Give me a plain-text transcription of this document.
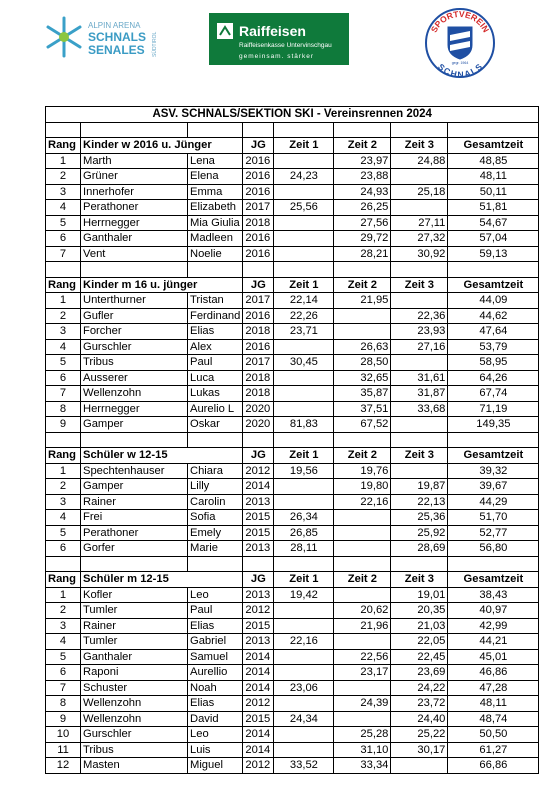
ALPIN ARENA
SCHNALS
SENALES SÜDTIROL
Raiffeisen
Raiffeisenkasse Untervinschgau
gemeinsam. stärker
SPORTVEREIN
SCHNALS
gegr. 1964
ASV. SCHNALS/SEKTION SKI - Vereinsrennen 2024							

Rang	Kinder w 2016 u. Jünger		JG	Zeit 1	Zeit 2	Zeit 3	Gesamtzeit
1	Marth	Lena	2016		23,97	24,88	48,85
2	Grüner	Elena	2016	24,23	23,88		48,11
3	Innerhofer	Emma	2016		24,93	25,18	50,11
4	Perathoner	Elizabeth	2017	25,56	26,25		51,81
5	Herrnegger	Mia Giulia	2018		27,56	27,11	54,67
6	Ganthaler	Madleen	2016		29,72	27,32	57,04
7	Vent	Noelie	2016		28,21	30,92	59,13

Rang	Kinder m 16 u. jünger		JG	Zeit 1	Zeit 2	Zeit 3	Gesamtzeit
1	Unterthurner	Tristan	2017	22,14	21,95		44,09
2	Gufler	Ferdinand	2016	22,26		22,36	44,62
3	Forcher	Elias	2018	23,71		23,93	47,64
4	Gurschler	Alex	2016		26,63	27,16	53,79
5	Tribus	Paul	2017	30,45	28,50		58,95
6	Ausserer	Luca	2018		32,65	31,61	64,26
7	Wellenzohn	Lukas	2018		35,87	31,87	67,74
8	Herrnegger	Aurelio L	2020		37,51	33,68	71,19
9	Gamper	Oskar	2020	81,83	67,52		149,35

Rang	Schüler w 12-15		JG	Zeit 1	Zeit 2	Zeit 3	Gesamtzeit
1	Spechtenhauser	Chiara	2012	19,56	19,76		39,32
2	Gamper	Lilly	2014		19,80	19,87	39,67
3	Rainer	Carolin	2013		22,16	22,13	44,29
4	Frei	Sofia	2015	26,34		25,36	51,70
5	Perathoner	Emely	2015	26,85		25,92	52,77
6	Gorfer	Marie	2013	28,11		28,69	56,80

Rang	Schüler m 12-15		JG	Zeit 1	Zeit 2	Zeit 3	Gesamtzeit
1	Kofler	Leo	2013	19,42		19,01	38,43
2	Tumler	Paul	2012		20,62	20,35	40,97
3	Rainer	Elias	2015		21,96	21,03	42,99
4	Tumler	Gabriel	2013	22,16		22,05	44,21
5	Ganthaler	Samuel	2014		22,56	22,45	45,01
6	Raponi	Aurellio	2014		23,17	23,69	46,86
7	Schuster	Noah	2014	23,06		24,22	47,28
8	Wellenzohn	Elias	2012		24,39	23,72	48,11
9	Wellenzohn	David	2015	24,34		24,40	48,74
10	Gurschler	Leo	2014		25,28	25,22	50,50
11	Tribus	Luis	2014		31,10	30,17	61,27
12	Masten	Miguel	2012	33,52	33,34		66,86
